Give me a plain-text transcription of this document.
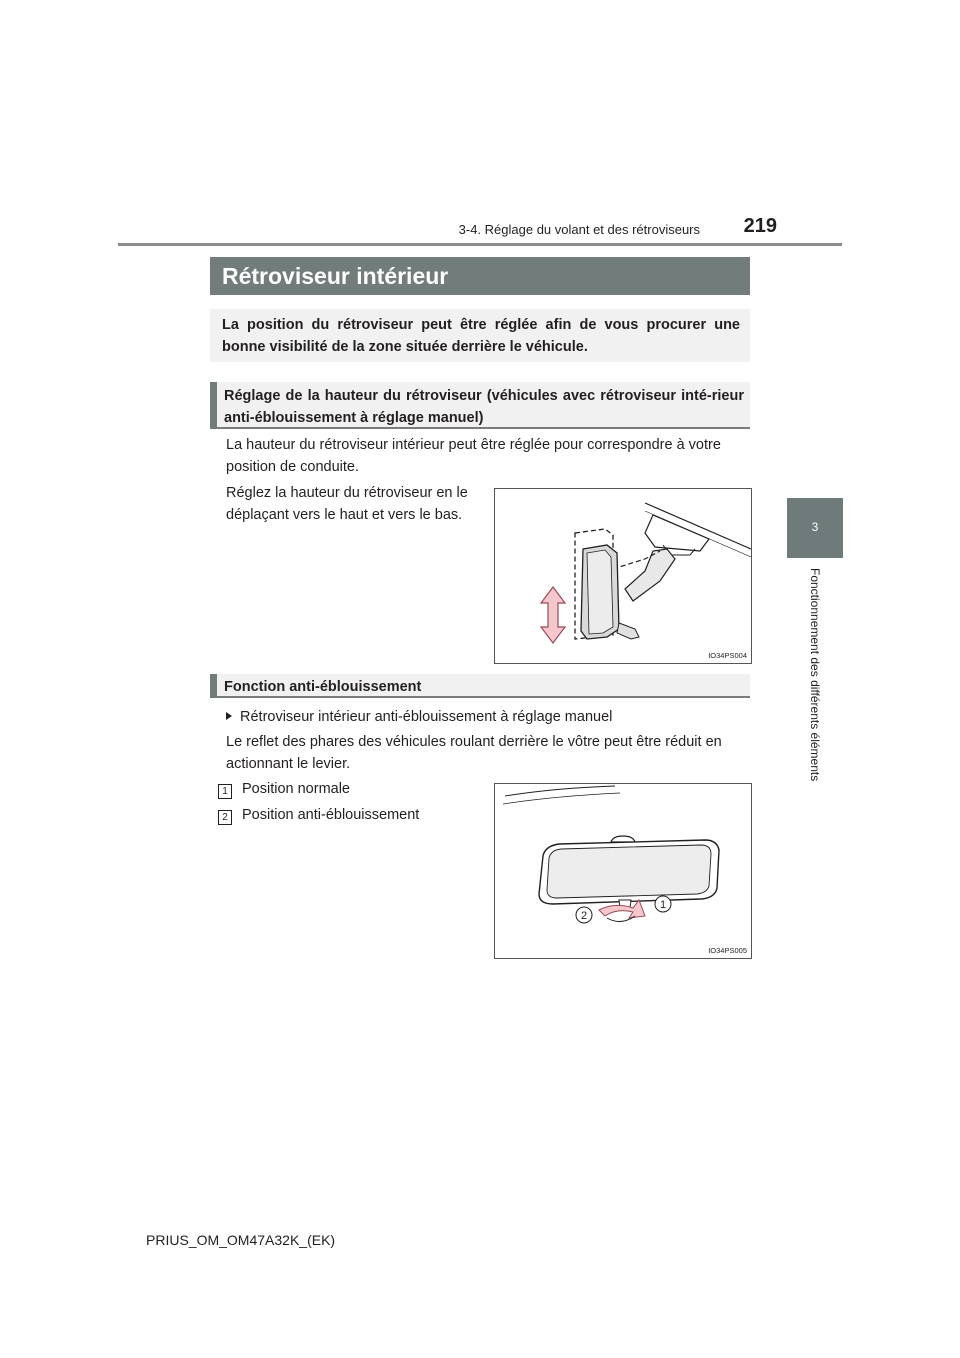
3-4. Réglage du volant et des rétroviseurs	219
3
Fonctionnement des différents éléments
Rétroviseur intérieur
La position du rétroviseur peut être réglée afin de vous procurer une bonne visibilité de la zone située derrière le véhicule.
Réglage de la hauteur du rétroviseur (véhicules avec rétroviseur inté-rieur anti-éblouissement à réglage manuel)
La hauteur du rétroviseur intérieur peut être réglée pour correspondre à votre position de conduite.
Réglez la hauteur du rétroviseur en le déplaçant vers le haut et vers le bas.
IO34PS004
Fonction anti-éblouissement
Rétroviseur intérieur anti-éblouissement à réglage manuel
Le reflet des phares des véhicules roulant derrière le vôtre peut être réduit en actionnant le levier.
1 Position normale
2 Position anti-éblouissement
2
1
IO34PS005
PRIUS_OM_OM47A32K_(EK)
